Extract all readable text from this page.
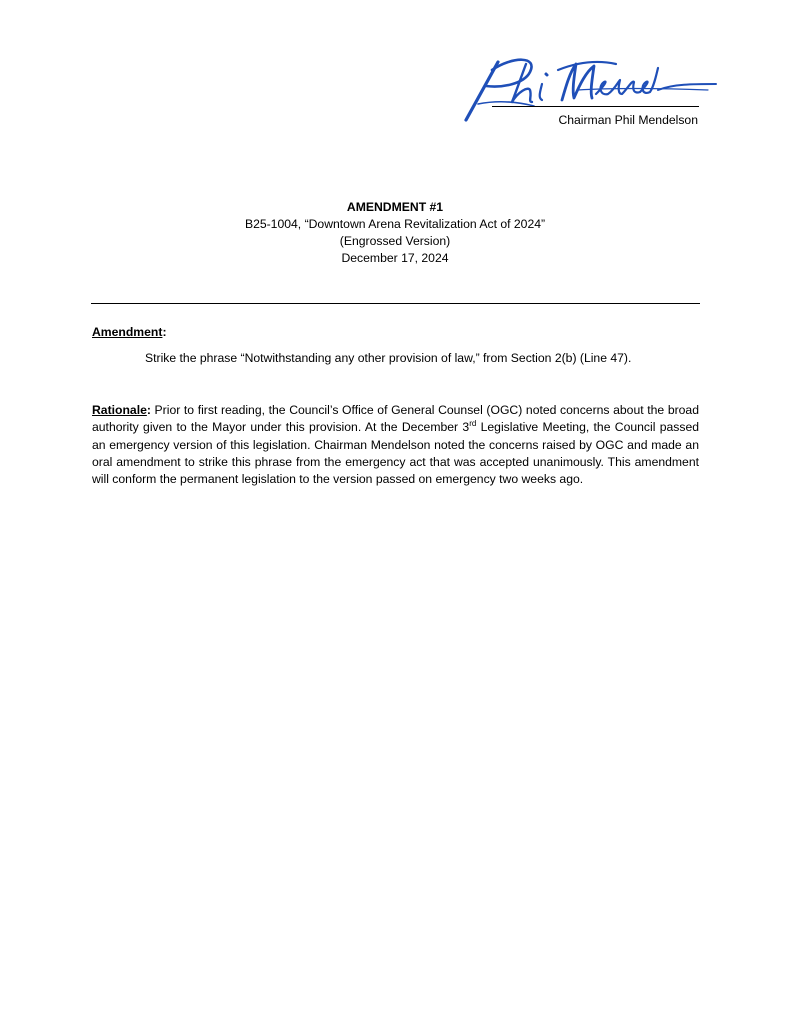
Chairman Phil Mendelson
AMENDMENT #1
B25-1004, “Downtown Arena Revitalization Act of 2024”
(Engrossed Version)
December 17, 2024
Amendment:
Strike the phrase “Notwithstanding any other provision of law,” from Section 2(b) (Line 47).
Rationale: Prior to first reading, the Council’s Office of General Counsel (OGC) noted concerns about the broad authority given to the Mayor under this provision. At the December 3rd Legislative Meeting, the Council passed an emergency version of this legislation. Chairman Mendelson noted the concerns raised by OGC and made an oral amendment to strike this phrase from the emergency act that was accepted unanimously. This amendment will conform the permanent legislation to the version passed on emergency two weeks ago.
